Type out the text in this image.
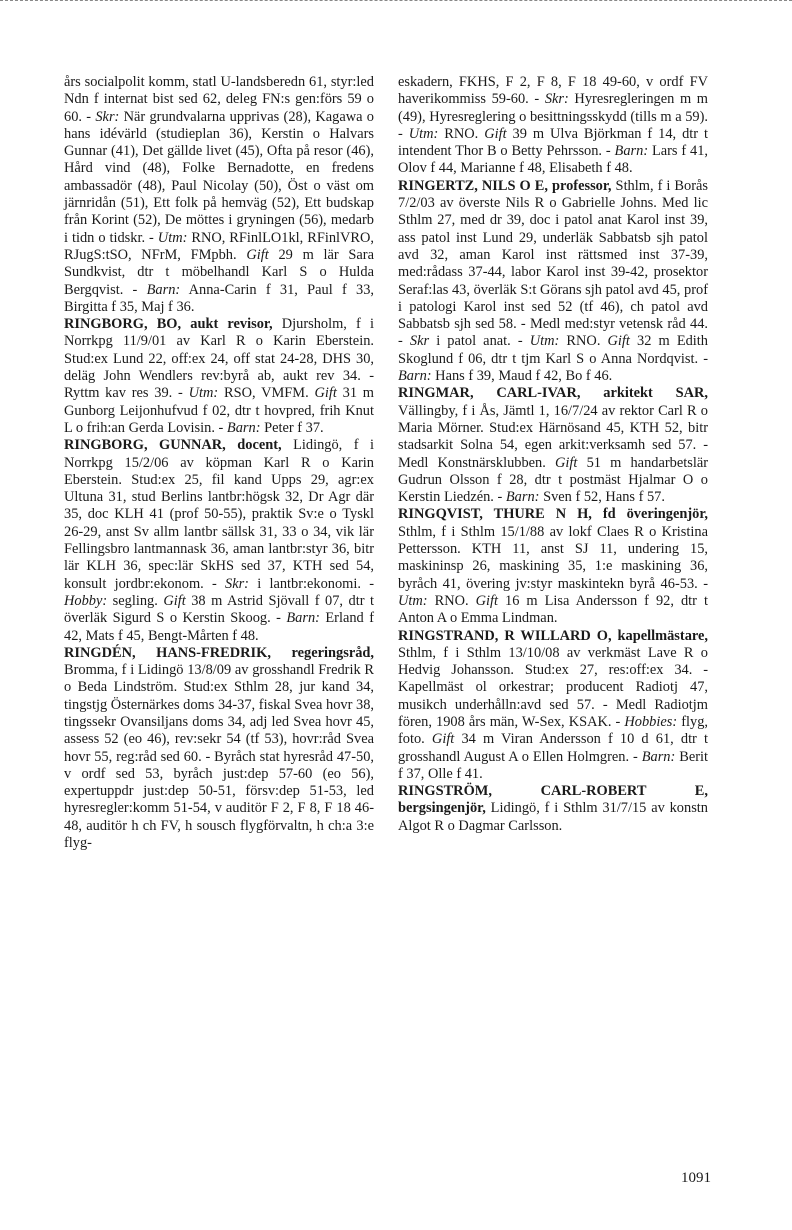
års socialpolit komm, statl U-landsberedn 61, styr:led Ndn f internat bist sed 62, deleg FN:s gen:förs 59 o 60. - Skr: När grundvalarna upprivas (28), Kagawa o hans idévärld (studieplan 36), Kerstin o Halvars Gunnar (41), Det gällde livet (45), Ofta på resor (46), Hård vind (48), Folke Bernadotte, en fredens ambassadör (48), Paul Nicolay (50), Öst o väst om järnridån (51), Ett folk på hemväg (52), Ett budskap från Korint (52), De möttes i gryningen (56), medarb i tidn o tidskr. - Utm: RNO, RFinlLO1kl, RFinlVRO, RJugS:tSO, NFrM, FMpbh. Gift 29 m lär Sara Sundkvist, dtr t möbelhandl Karl S o Hulda Bergqvist. - Barn: Anna-Carin f 31, Paul f 33, Birgitta f 35, Maj f 36.

RINGBORG, BO, aukt revisor, Djursholm, f i Norrkpg 11/9/01 av Karl R o Karin Eberstein. Stud:ex Lund 22, off:ex 24, off stat 24-28, DHS 30, deläg John Wendlers rev:byrå ab, aukt rev 34. - Ryttm kav res 39. - Utm: RSO, VMFM. Gift 31 m Gunborg Leijonhufvud f 02, dtr t hovpred, frih Knut L o frih:an Gerda Lovisin. - Barn: Peter f 37.

RINGBORG, GUNNAR, docent, Lidingö, f i Norrkpg 15/2/06 av köpman Karl R o Karin Eberstein. Stud:ex 25, fil kand Upps 29, agr:ex Ultuna 31, stud Berlins lantbr:högsk 32, Dr Agr där 35, doc KLH 41 (prof 50-55), praktik Sv:e o Tyskl 26-29, anst Sv allm lantbr sällsk 31, 33 o 34, vik lär Fellingsbro lantmannask 36, aman lantbr:styr 36, bitr lär KLH 36, spec:lär SkHS sed 37, KTH sed 54, konsult jordbr:ekonom. - Skr: i lantbr:ekonomi. - Hobby: segling. Gift 38 m Astrid Sjövall f 07, dtr t överläk Sigurd S o Kerstin Skoog. - Barn: Erland f 42, Mats f 45, Bengt-Mårten f 48.

RINGDÉN, HANS-FREDRIK, regeringsråd, Bromma, f i Lidingö 13/8/09 av grosshandl Fredrik R o Beda Lindström. Stud:ex Sthlm 28, jur kand 34, tingstjg Östernärkes doms 34-37, fiskal Svea hovr 38, tingssekr Ovansiljans doms 34, adj led Svea hovr 45, assess 52 (eo 46), rev:sekr 54 (tf 53), hovr:råd Svea hovr 55, reg:råd sed 60. - Byråch stat hyresråd 47-50, v ordf sed 53, byråch just:dep 57-60 (eo 56), expertuppdr just:dep 50-51, försv:dep 51-53, led hyresregler:komm 51-54, v auditör F 2, F 8, F 18 46-48, auditör h ch FV, h sousch flygförvaltn, h ch:a 3:e flyg-

eskadern, FKHS, F 2, F 8, F 18 49-60, v ordf FV haverikommiss 59-60. - Skr: Hyresregleringen m m (49), Hyresreglering o besittningsskydd (tills m a 59). - Utm: RNO. Gift 39 m Ulva Björkman f 14, dtr t intendent Thor B o Betty Pehrsson. - Barn: Lars f 41, Olov f 44, Marianne f 48, Elisabeth f 48.

RINGERTZ, NILS O E, professor, Sthlm, f i Borås 7/2/03 av överste Nils R o Gabrielle Johns. Med lic Sthlm 27, med dr 39, doc i patol anat Karol inst 39, ass patol inst Lund 29, underläk Sabbatsb sjh patol avd 32, aman Karol inst rättsmed inst 37-39, med:rådass 37-44, labor Karol inst 39-42, prosektor Seraf:las 43, överläk S:t Görans sjh patol avd 45, prof i patologi Karol inst sed 52 (tf 46), ch patol avd Sabbatsb sjh sed 58. - Medl med:styr vetensk råd 44. - Skr i patol anat. - Utm: RNO. Gift 32 m Edith Skoglund f 06, dtr t tjm Karl S o Anna Nordqvist. - Barn: Hans f 39, Maud f 42, Bo f 46.

RINGMAR, CARL-IVAR, arkitekt SAR, Vällingby, f i Ås, Jämtl 1, 16/7/24 av rektor Carl R o Maria Mörner. Stud:ex Härnösand 45, KTH 52, bitr stadsarkit Solna 54, egen arkit:verksamh sed 57. - Medl Konstnärsklubben. Gift 51 m handarbetslär Gudrun Olsson f 28, dtr t postmäst Hjalmar O o Kerstin Liedzén. - Barn: Sven f 52, Hans f 57.

RINGQVIST, THURE N H, fd överingenjör, Sthlm, f i Sthlm 15/1/88 av lokf Claes R o Kristina Pettersson. KTH 11, anst SJ 11, undering 15, maskininsp 26, maskining 35, 1:e maskining 36, byråch 41, övering jv:styr maskintekn byrå 46-53. - Utm: RNO. Gift 16 m Lisa Andersson f 92, dtr t Anton A o Emma Lindman.

RINGSTRAND, R WILLARD O, kapellmästare, Sthlm, f i Sthlm 13/10/08 av verkmäst Lave R o Hedvig Johansson. Stud:ex 27, res:off:ex 34. - Kapellmäst ol orkestrar; producent Radiotj 47, musikch underhålln:avd sed 57. - Medl Radiotjm fören, 1908 års män, W-Sex, KSAK. - Hobbies: flyg, foto. Gift 34 m Viran Andersson f 10 d 61, dtr t grosshandl August A o Ellen Holmgren. - Barn: Berit f 37, Olle f 41.

RINGSTRÖM, CARL-ROBERT E, bergsingenjör, Lidingö, f i Sthlm 31/7/15 av konstn Algot R o Dagmar Carlsson.

1091
